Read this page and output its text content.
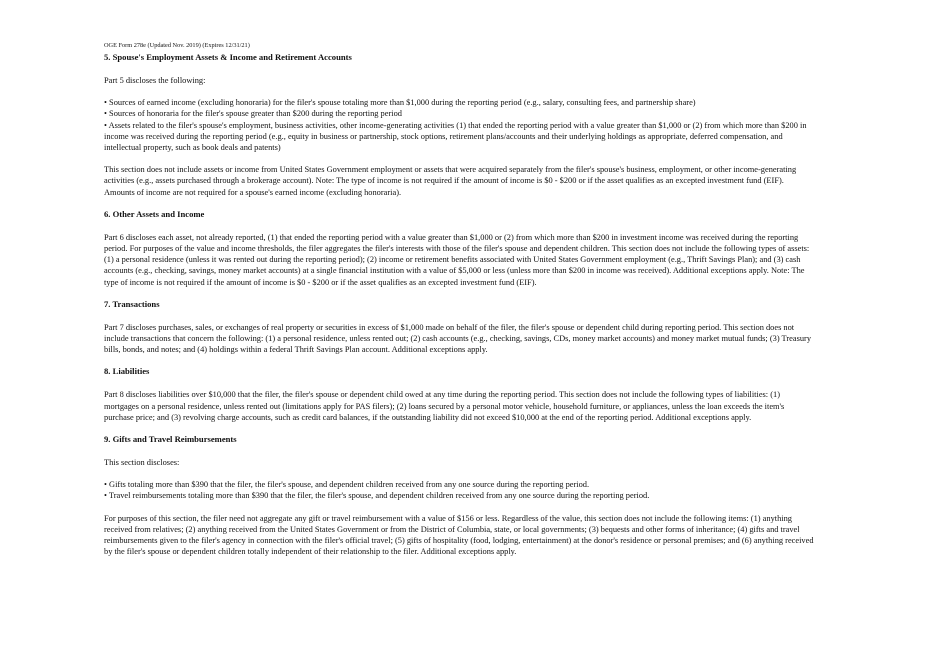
OGE Form 278e (Updated Nov. 2019) (Expires 12/31/21)

5. Spouse's Employment Assets & Income and Retirement Accounts

Part 5 discloses the following:

• Sources of earned income (excluding honoraria) for the filer's spouse totaling more than $1,000 during the reporting period (e.g., salary, consulting fees, and partnership share)
• Sources of honoraria for the filer's spouse greater than $200 during the reporting period
• Assets related to the filer's spouse's employment, business activities, other income-generating activities (1) that ended the reporting period with a value greater than $1,000 or (2) from which more than $200 in income was received during the reporting period (e.g., equity in business or partnership, stock options, retirement plans/accounts and their underlying holdings as appropriate, deferred compensation, and intellectual property, such as book deals and patents)

This section does not include assets or income from United States Government employment or assets that were acquired separately from the filer's spouse's business, employment, or other income-generating activities (e.g., assets purchased through a brokerage account). Note: The type of income is not required if the amount of income is $0 - $200 or if the asset qualifies as an excepted investment fund (EIF). Amounts of income are not required for a spouse's earned income (excluding honoraria).

6. Other Assets and Income

Part 6 discloses each asset, not already reported, (1) that ended the reporting period with a value greater than $1,000 or (2) from which more than $200 in investment income was received during the reporting period. For purposes of the value and income thresholds, the filer aggregates the filer's interests with those of the filer's spouse and dependent children. This section does not include the following types of assets: (1) a personal residence (unless it was rented out during the reporting period); (2) income or retirement benefits associated with United States Government employment (e.g., Thrift Savings Plan); and (3) cash accounts (e.g., checking, savings, money market accounts) at a single financial institution with a value of $5,000 or less (unless more than $200 in income was received). Additional exceptions apply. Note: The type of income is not required if the amount of income is $0 - $200 or if the asset qualifies as an excepted investment fund (EIF).

7. Transactions

Part 7 discloses purchases, sales, or exchanges of real property or securities in excess of $1,000 made on behalf of the filer, the filer's spouse or dependent child during reporting period. This section does not include transactions that concern the following: (1) a personal residence, unless rented out; (2) cash accounts (e.g., checking, savings, CDs, money market accounts) and money market mutual funds; (3) Treasury bills, bonds, and notes; and (4) holdings within a federal Thrift Savings Plan account. Additional exceptions apply.

8. Liabilities

Part 8 discloses liabilities over $10,000 that the filer, the filer's spouse or dependent child owed at any time during the reporting period. This section does not include the following types of liabilities: (1) mortgages on a personal residence, unless rented out (limitations apply for PAS filers); (2) loans secured by a personal motor vehicle, household furniture, or appliances, unless the loan exceeds the item's purchase price; and (3) revolving charge accounts, such as credit card balances, if the outstanding liability did not exceed $10,000 at the end of the reporting period. Additional exceptions apply.

9. Gifts and Travel Reimbursements

This section discloses:

• Gifts totaling more than $390 that the filer, the filer's spouse, and dependent children received from any one source during the reporting period.
• Travel reimbursements totaling more than $390 that the filer, the filer's spouse, and dependent children received from any one source during the reporting period.

For purposes of this section, the filer need not aggregate any gift or travel reimbursement with a value of $156 or less. Regardless of the value, this section does not include the following items: (1) anything received from relatives; (2) anything received from the United States Government or from the District of Columbia, state, or local governments; (3) bequests and other forms of inheritance; (4) gifts and travel reimbursements given to the filer's agency in connection with the filer's official travel; (5) gifts of hospitality (food, lodging, entertainment) at the donor's residence or personal premises; and (6) anything received by the filer's spouse or dependent children totally independent of their relationship to the filer. Additional exceptions apply.
